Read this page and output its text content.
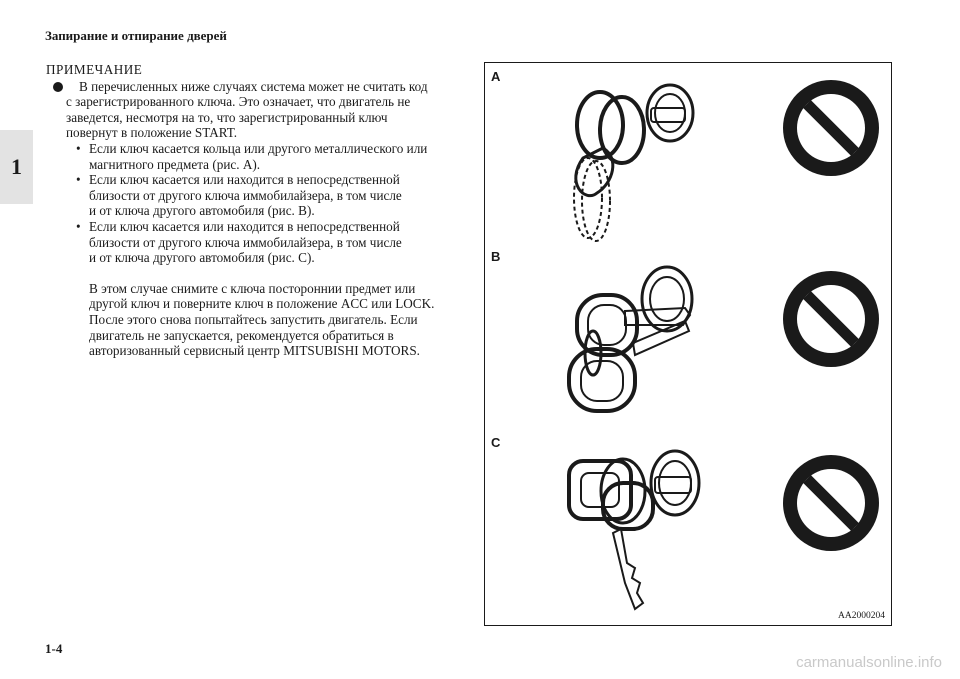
Запирание и отпирание дверей
1
ПРИМЕЧАНИЕ
В перечисленных ниже случаях система может не считать код
с зарегистрированного ключа. Это означает, что двигатель не
заведется, несмотря на то, что зарегистрированный ключ
повернут в положение START.
• Если ключ касается кольца или другого металлического или
магнитного предмета (рис. A).
• Если ключ касается или находится в непосредственной
близости от другого ключа иммобилайзера, в том числе
и от ключа другого автомобиля (рис. B).
• Если ключ касается или находится в непосредственной
близости от другого ключа иммобилайзера, в том числе
и от ключа другого автомобиля (рис. C).
В этом случае снимите с ключа постороннии предмет или
другой ключ и поверните ключ в положение ACC или LOCK.
После этого снова попытайтесь запустить двигатель. Если
двигатель не запускается, рекомендуется обратиться в
авторизованный сервисный центр MITSUBISHI MOTORS.
A
B
C
AA2000204
1-4
carmanualsonline.info
